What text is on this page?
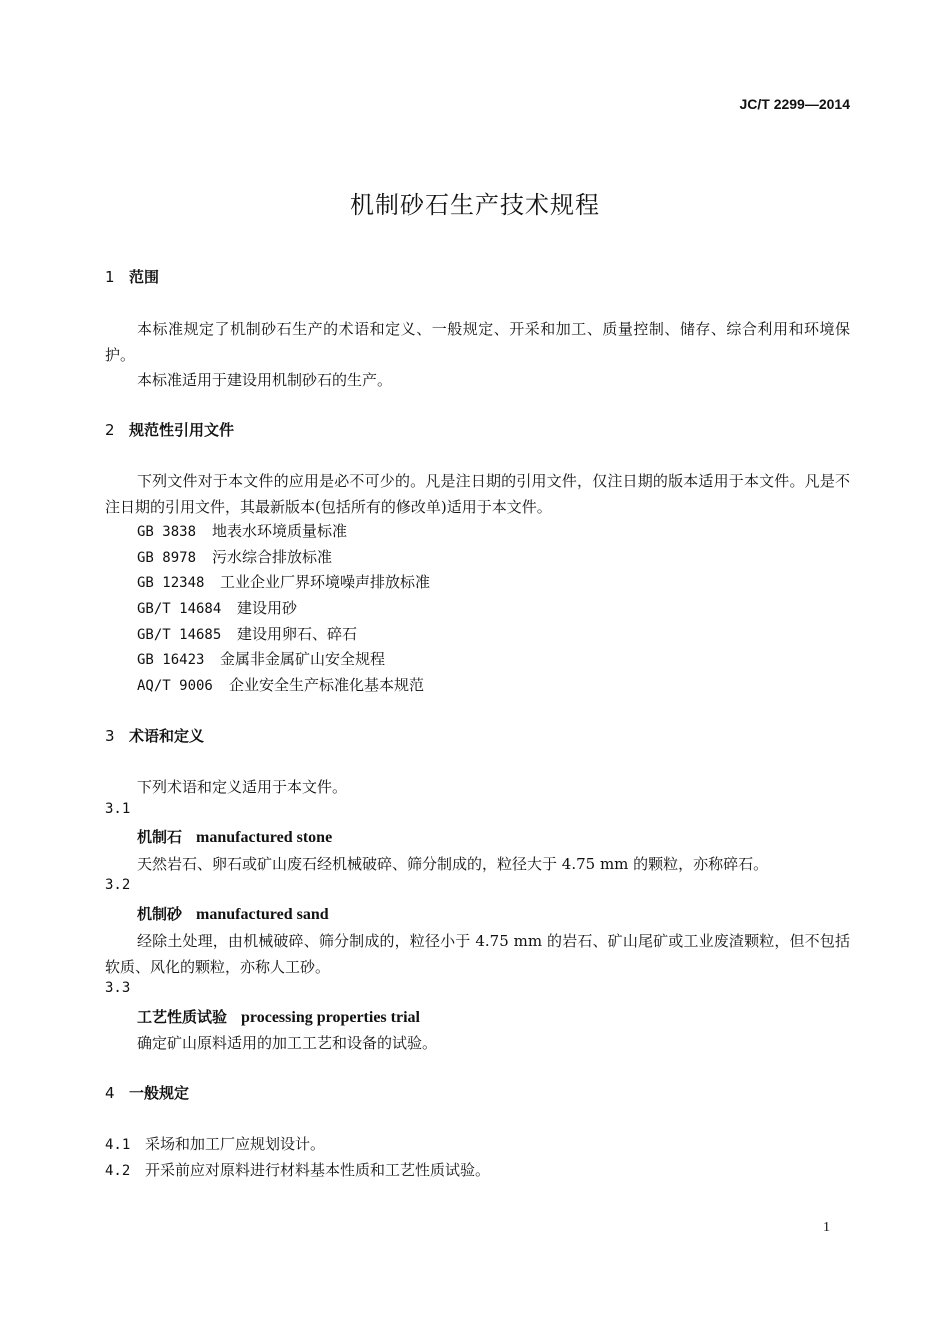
JC/T 2299—2014
机制砂石生产技术规程
1 范围
本标准规定了机制砂石生产的术语和定义、一般规定、开采和加工、质量控制、储存、综合利用和环境保护。
本标准适用于建设用机制砂石的生产。
2 规范性引用文件
下列文件对于本文件的应用是必不可少的。凡是注日期的引用文件，仅注日期的版本适用于本文件。凡是不注日期的引用文件，其最新版本(包括所有的修改单)适用于本文件。
GB 3838 地表水环境质量标准
GB 8978 污水综合排放标准
GB 12348 工业企业厂界环境噪声排放标准
GB/T 14684 建设用砂
GB/T 14685 建设用卵石、碎石
GB 16423 金属非金属矿山安全规程
AQ/T 9006 企业安全生产标准化基本规范
3 术语和定义
下列术语和定义适用于本文件。
3.1
机制石 manufactured stone
天然岩石、卵石或矿山废石经机械破碎、筛分制成的，粒径大于 4.75 mm 的颗粒，亦称碎石。
3.2
机制砂 manufactured sand
经除土处理，由机械破碎、筛分制成的，粒径小于 4.75 mm 的岩石、矿山尾矿或工业废渣颗粒，但不包括软质、风化的颗粒，亦称人工砂。
3.3
工艺性质试验 processing properties trial
确定矿山原料适用的加工工艺和设备的试验。
4 一般规定
4.1 采场和加工厂应规划设计。
4.2 开采前应对原料进行材料基本性质和工艺性质试验。
1
